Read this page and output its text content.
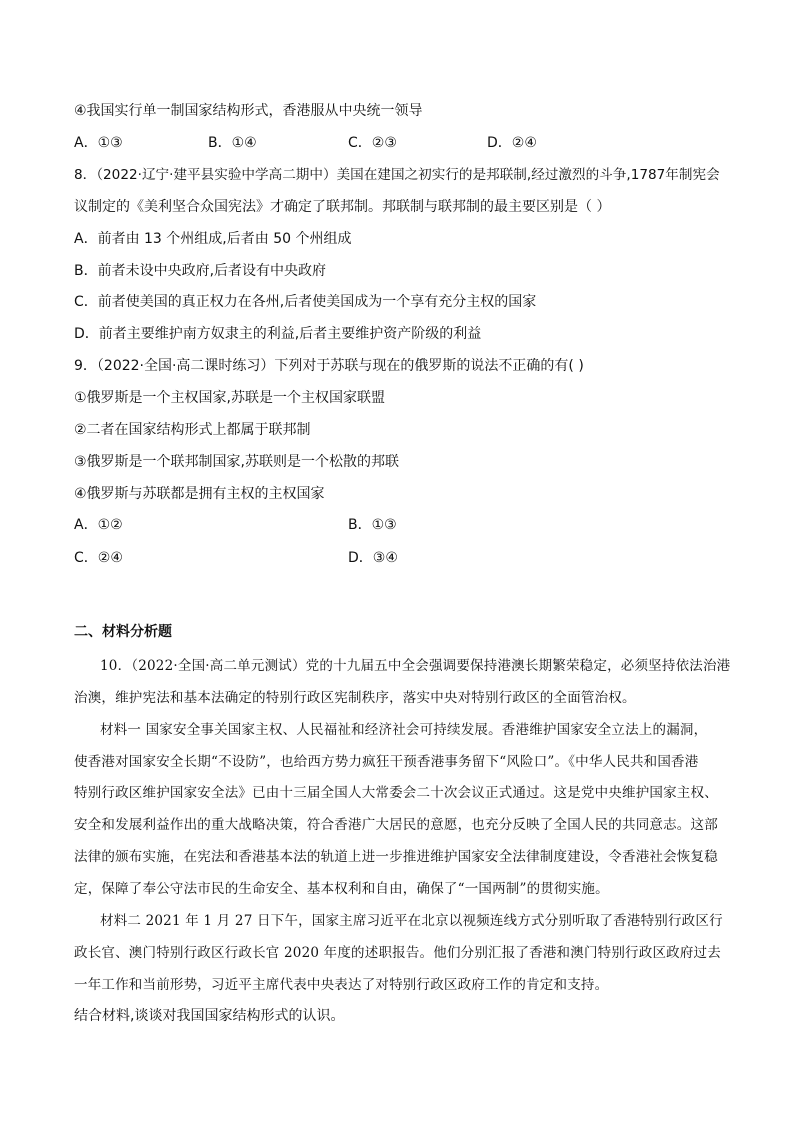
④我国实行单一制国家结构形式，香港服从中央统一领导
A．①③	B．①④	C．②③	D．②④
8．（2022·辽宁·建平县实验中学高二期中）美国在建国之初实行的是邦联制,经过激烈的斗争,1787年制宪会
议制定的《美利坚合众国宪法》才确定了联邦制。邦联制与联邦制的最主要区别是（ ）
A．前者由 13 个州组成,后者由 50 个州组成
B．前者未设中央政府,后者设有中央政府
C．前者使美国的真正权力在各州,后者使美国成为一个享有充分主权的国家
D．前者主要维护南方奴隶主的利益,后者主要维护资产阶级的利益
9．（2022·全国·高二课时练习）下列对于苏联与现在的俄罗斯的说法不正确的有( )
①俄罗斯是一个主权国家,苏联是一个主权国家联盟
②二者在国家结构形式上都属于联邦制
③俄罗斯是一个联邦制国家,苏联则是一个松散的邦联
④俄罗斯与苏联都是拥有主权的主权国家
A．①②	B．①③
C．②④	D．③④
二、材料分析题
10．（2022·全国·高二单元测试）党的十九届五中全会强调要保持港澳长期繁荣稳定，必须坚持依法治港
治澳，维护宪法和基本法确定的特别行政区宪制秩序，落实中央对特别行政区的全面管治权。
材料一 国家安全事关国家主权、人民福祉和经济社会可持续发展。香港维护国家安全立法上的漏洞，
使香港对国家安全长期“不设防”，也给西方势力疯狂干预香港事务留下“风险口”。《中华人民共和国香港
特别行政区维护国家安全法》已由十三届全国人大常委会二十次会议正式通过。这是党中央维护国家主权、
安全和发展利益作出的重大战略决策，符合香港广大居民的意愿，也充分反映了全国人民的共同意志。这部
法律的颁布实施，在宪法和香港基本法的轨道上进一步推进维护国家安全法律制度建设，令香港社会恢复稳
定，保障了奉公守法市民的生命安全、基本权利和自由，确保了“一国两制”的贯彻实施。
材料二 2021 年 1 月 27 日下午，国家主席习近平在北京以视频连线方式分别听取了香港特别行政区行
政长官、澳门特别行政区行政长官 2020 年度的述职报告。他们分别汇报了香港和澳门特别行政区政府过去
一年工作和当前形势，习近平主席代表中央表达了对特别行政区政府工作的肯定和支持。
结合材料,谈谈对我国国家结构形式的认识。
